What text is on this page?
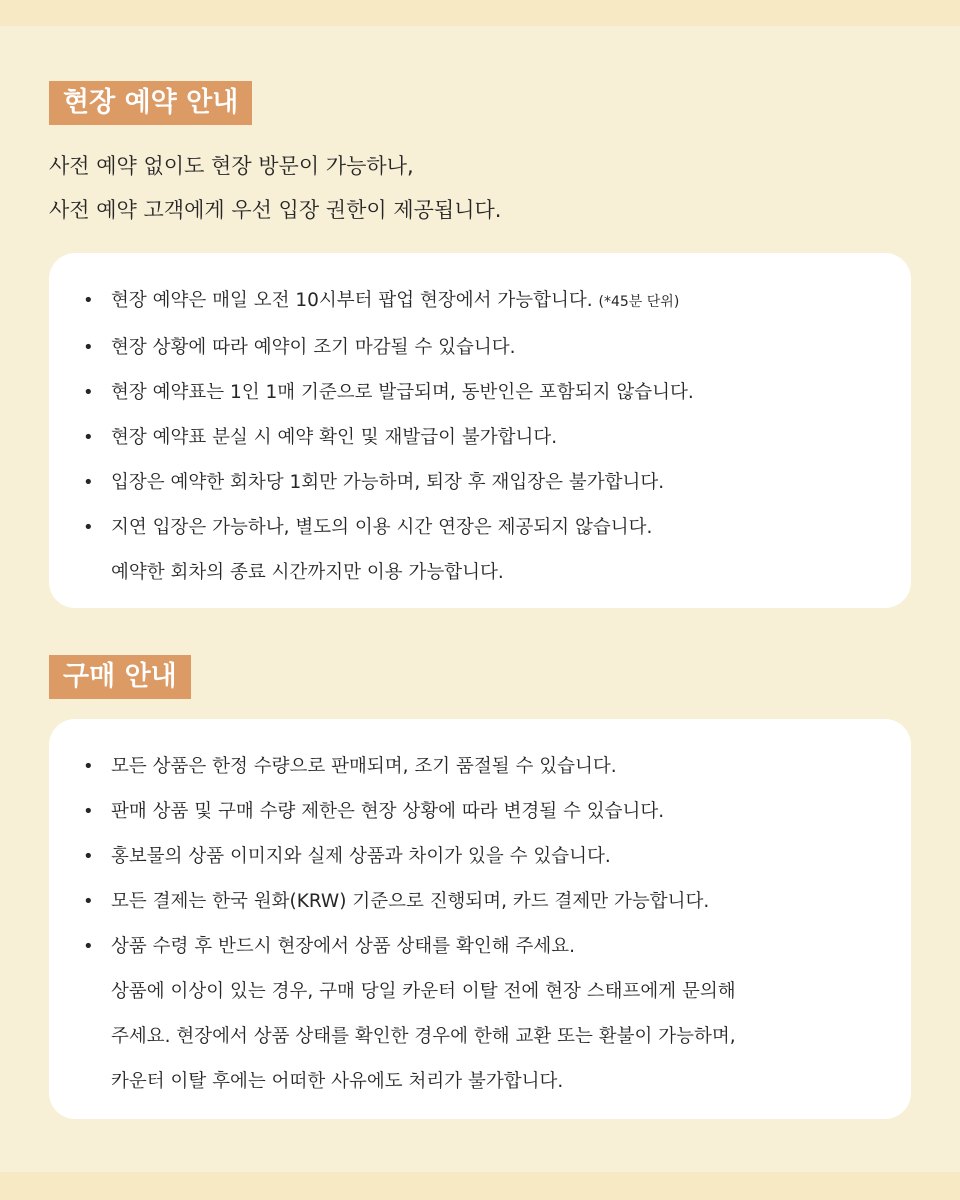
현장 예약 안내
사전 예약 없이도 현장 방문이 가능하나,
사전 예약 고객에게 우선 입장 권한이 제공됩니다.
• 현장 예약은 매일 오전 10시부터 팝업 현장에서 가능합니다. (*45분 단위)
• 현장 상황에 따라 예약이 조기 마감될 수 있습니다.
• 현장 예약표는 1인 1매 기준으로 발급되며, 동반인은 포함되지 않습니다.
• 현장 예약표 분실 시 예약 확인 및 재발급이 불가합니다.
• 입장은 예약한 회차당 1회만 가능하며, 퇴장 후 재입장은 불가합니다.
• 지연 입장은 가능하나, 별도의 이용 시간 연장은 제공되지 않습니다.
예약한 회차의 종료 시간까지만 이용 가능합니다.
구매 안내
• 모든 상품은 한정 수량으로 판매되며, 조기 품절될 수 있습니다.
• 판매 상품 및 구매 수량 제한은 현장 상황에 따라 변경될 수 있습니다.
• 홍보물의 상품 이미지와 실제 상품과 차이가 있을 수 있습니다.
• 모든 결제는 한국 원화(KRW) 기준으로 진행되며, 카드 결제만 가능합니다.
• 상품 수령 후 반드시 현장에서 상품 상태를 확인해 주세요.
상품에 이상이 있는 경우, 구매 당일 카운터 이탈 전에 현장 스태프에게 문의해
주세요. 현장에서 상품 상태를 확인한 경우에 한해 교환 또는 환불이 가능하며,
카운터 이탈 후에는 어떠한 사유에도 처리가 불가합니다.
